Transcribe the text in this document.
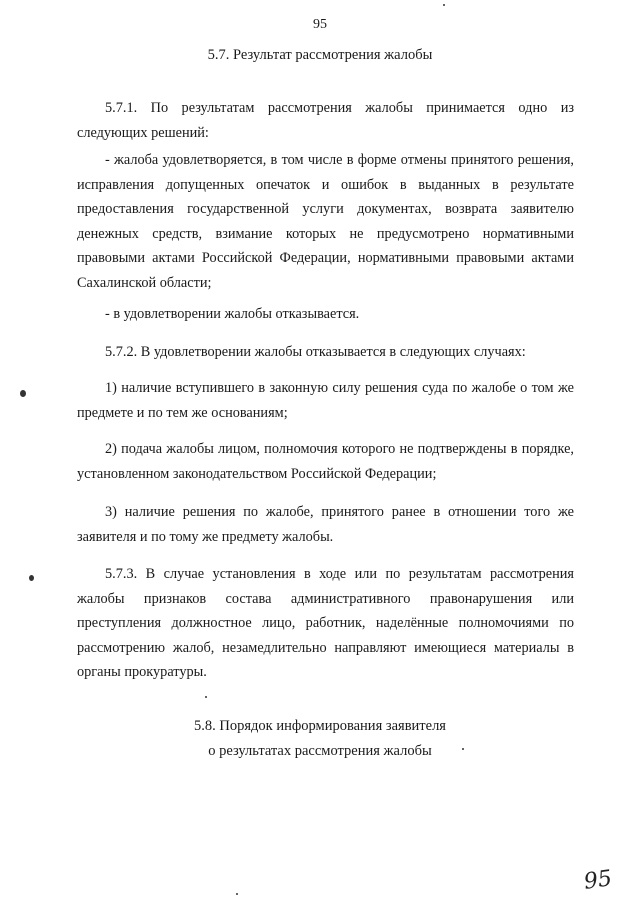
95
5.7. Результат рассмотрения жалобы

5.7.1. По результатам рассмотрения жалобы принимается одно из следующих решений:

- жалоба удовлетворяется, в том числе в форме отмены принятого решения, исправления допущенных опечаток и ошибок в выданных в результате предоставления государственной услуги документах, возврата заявителю денежных средств, взимание которых не предусмотрено нормативными правовыми актами Российской Федерации, нормативными правовыми актами Сахалинской области;

- в удовлетворении жалобы отказывается.

5.7.2. В удовлетворении жалобы отказывается в следующих случаях:

1) наличие вступившего в законную силу решения суда по жалобе о том же предмете и по тем же основаниям;

2) подача жалобы лицом, полномочия которого не подтверждены в порядке, установленном законодательством Российской Федерации;

3) наличие решения по жалобе, принятого ранее в отношении того же заявителя и по тому же предмету жалобы.

5.7.3. В случае установления в ходе или по результатам рассмотрения жалобы признаков состава административного правонарушения или преступления должностное лицо, работник, наделённые полномочиями по рассмотрению жалоб, незамедлительно направляют имеющиеся материалы в органы прокуратуры.

5.8. Порядок информирования заявителя

о результатах рассмотрения жалобы

95
